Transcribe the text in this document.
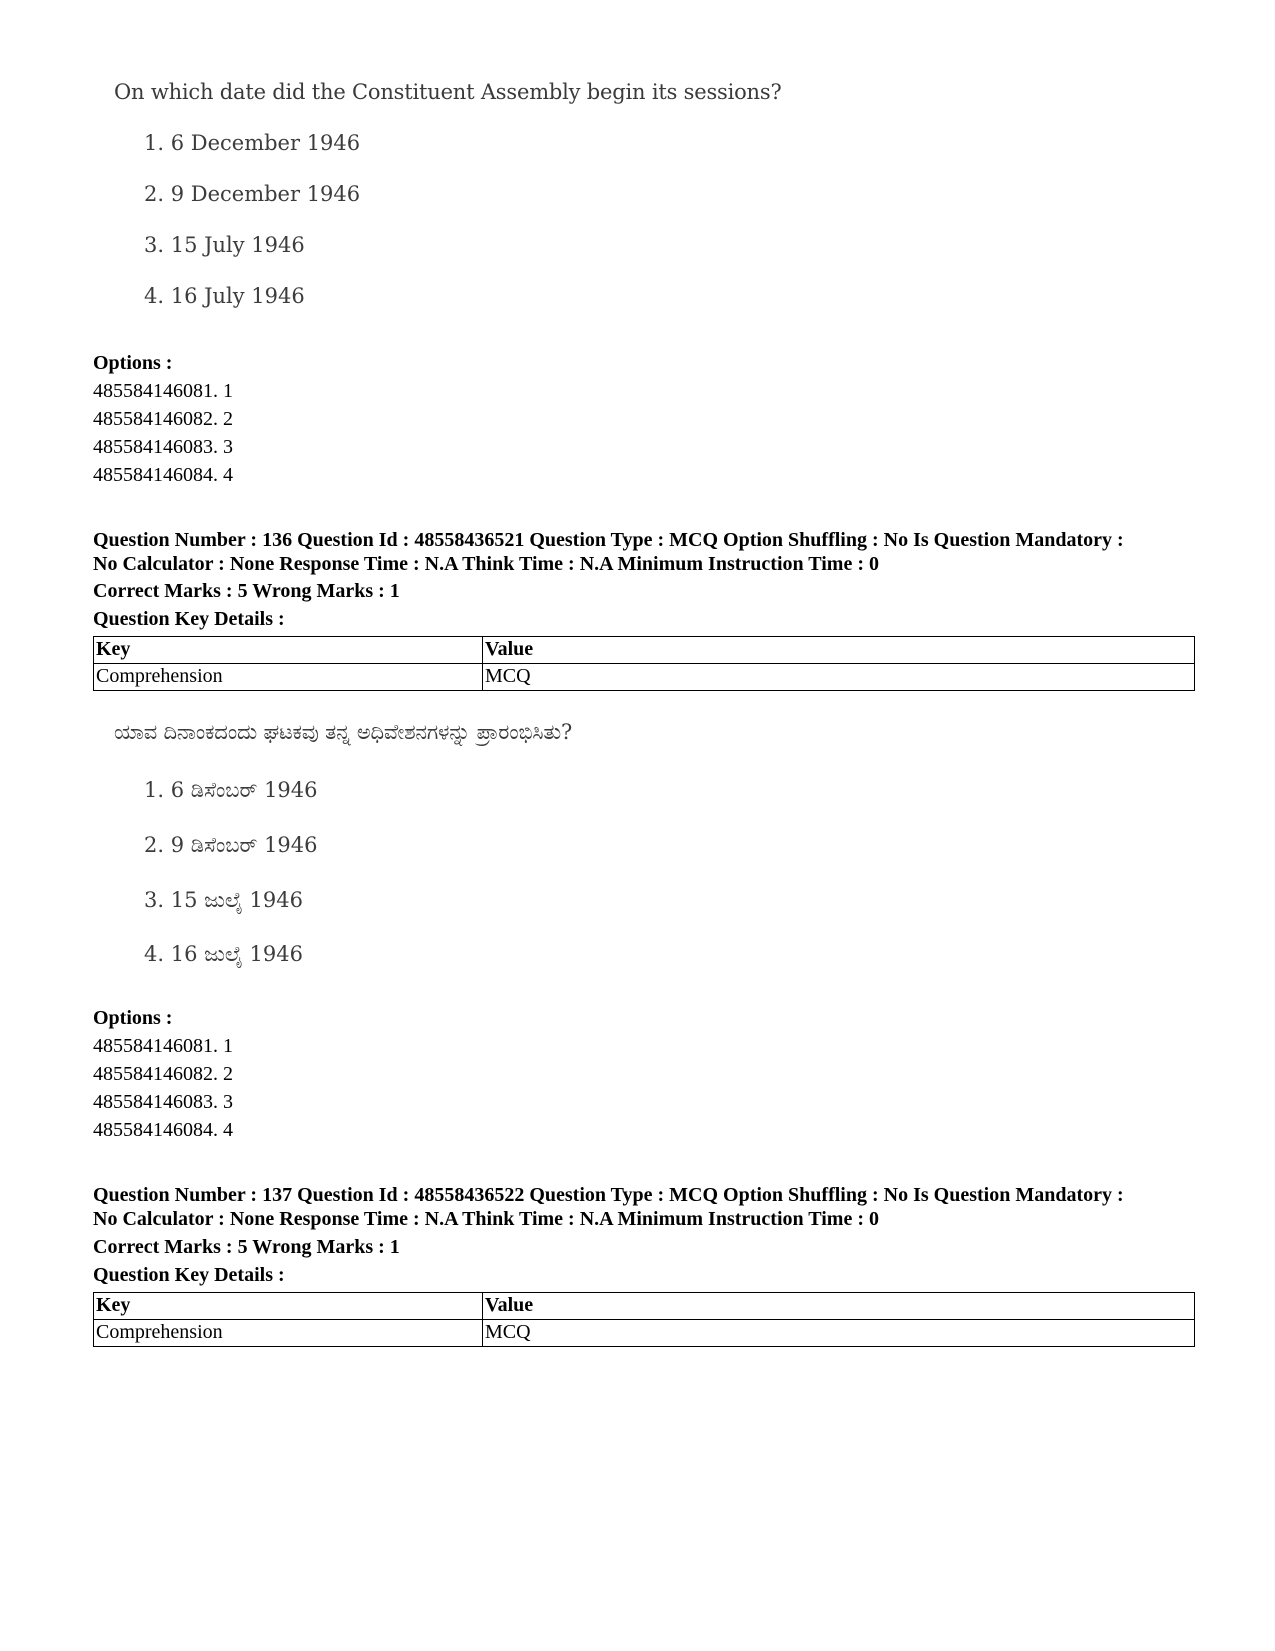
On which date did the Constituent Assembly begin its sessions?
1. 6 December 1946
2. 9 December 1946
3. 15 July 1946
4. 16 July 1946
Options :
485584146081. 1
485584146082. 2
485584146083. 3
485584146084. 4
Question Number : 136 Question Id : 48558436521 Question Type : MCQ Option Shuffling : No Is Question Mandatory :
No Calculator : None Response Time : N.A Think Time : N.A Minimum Instruction Time : 0
Correct Marks : 5 Wrong Marks : 1
Question Key Details :
Key	Value
Comprehension	MCQ
ಯಾವ ದಿನಾಂಕದಂದು ಘಟಕವು ತನ್ನ ಅಧಿವೇಶನಗಳನ್ನು ಪ್ರಾರಂಭಿಸಿತು?
1. 6 ಡಿಸೆಂಬರ್ 1946
2. 9 ಡಿಸೆಂಬರ್ 1946
3. 15 ಜುಲೈ 1946
4. 16 ಜುಲೈ 1946
Options :
485584146081. 1
485584146082. 2
485584146083. 3
485584146084. 4
Question Number : 137 Question Id : 48558436522 Question Type : MCQ Option Shuffling : No Is Question Mandatory :
No Calculator : None Response Time : N.A Think Time : N.A Minimum Instruction Time : 0
Correct Marks : 5 Wrong Marks : 1
Question Key Details :
Key	Value
Comprehension	MCQ
